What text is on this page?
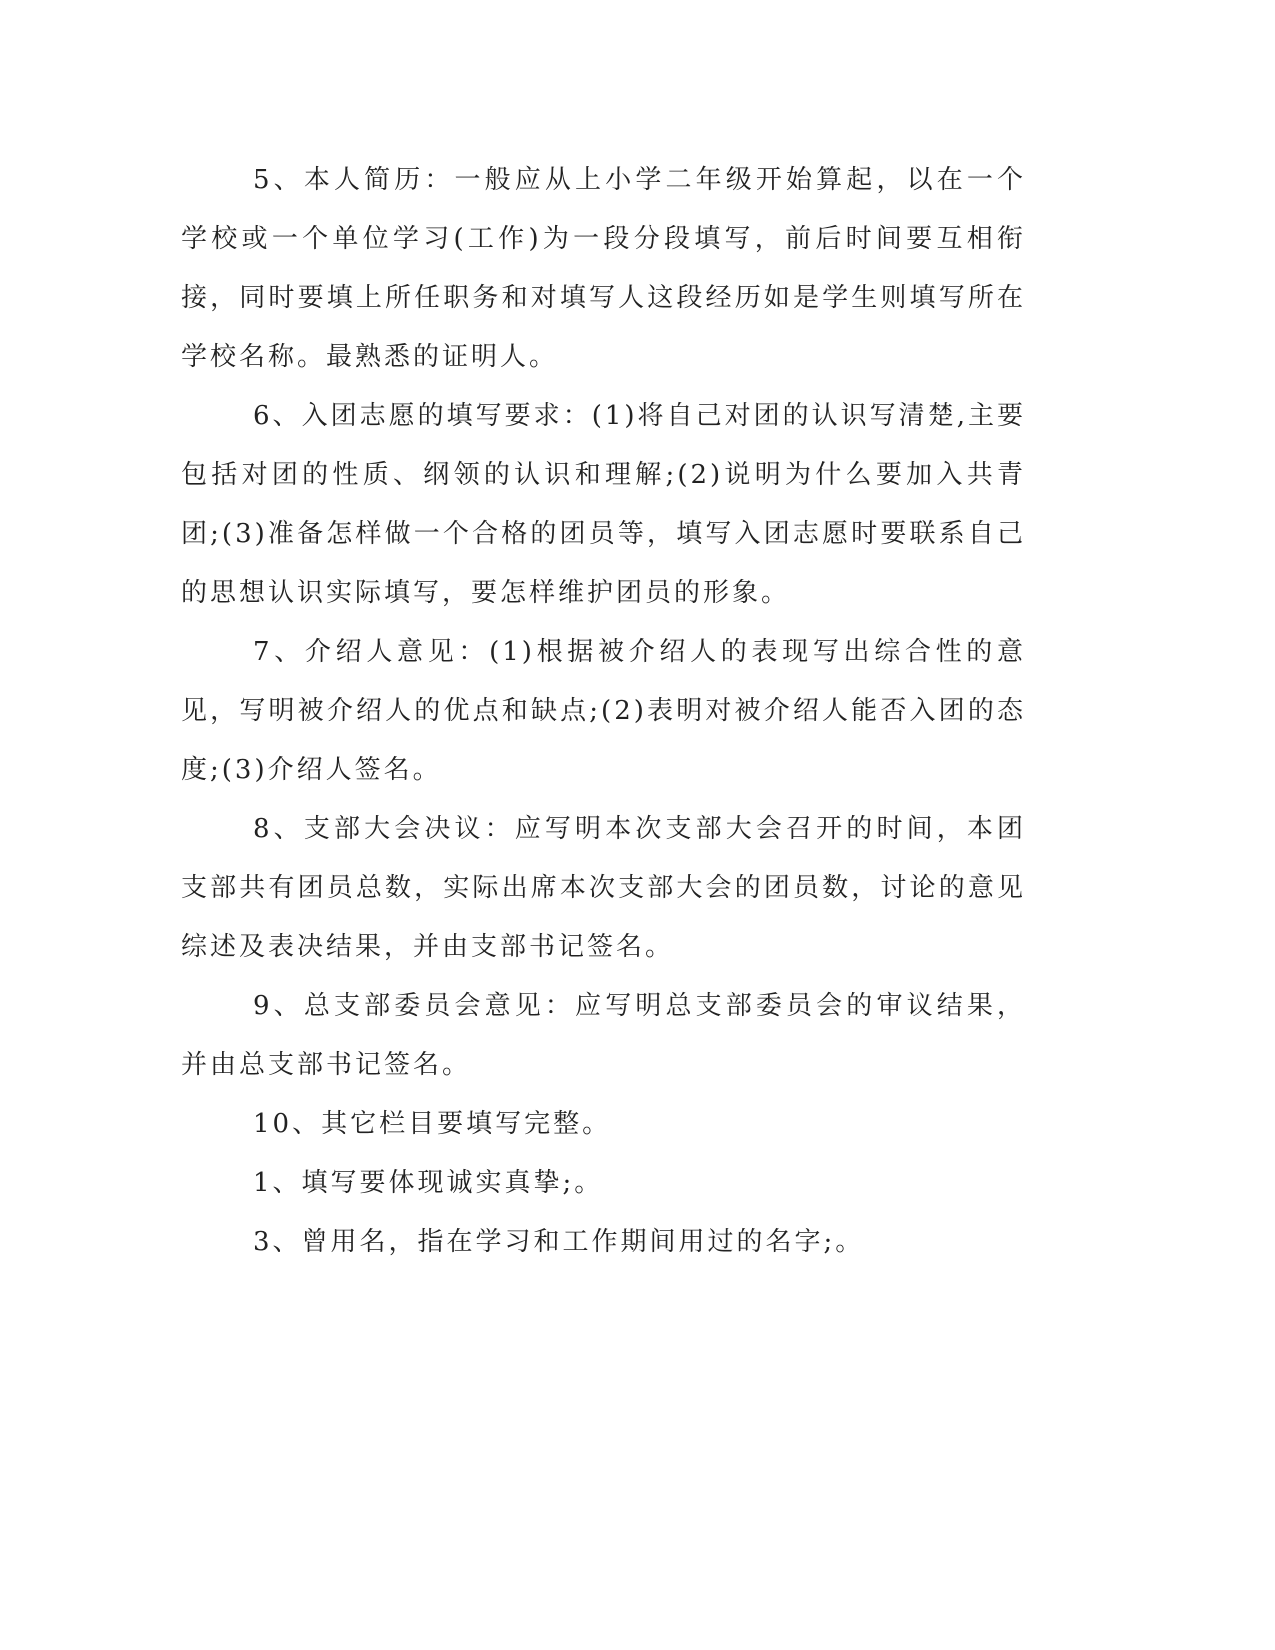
5、本人简历：一般应从上小学二年级开始算起，以在一个学校或一个单位学习(工作)为一段分段填写，前后时间要互相衔接，同时要填上所任职务和对填写人这段经历如是学生则填写所在学校名称。最熟悉的证明人。

6、入团志愿的填写要求：(1)将自己对团的认识写清楚,主要包括对团的性质、纲领的认识和理解;(2)说明为什么要加入共青团;(3)准备怎样做一个合格的团员等，填写入团志愿时要联系自己的思想认识实际填写，要怎样维护团员的形象。

7、介绍人意见：(1)根据被介绍人的表现写出综合性的意见，写明被介绍人的优点和缺点;(2)表明对被介绍人能否入团的态度;(3)介绍人签名。

8、支部大会决议：应写明本次支部大会召开的时间，本团支部共有团员总数，实际出席本次支部大会的团员数，讨论的意见综述及表决结果，并由支部书记签名。

9、总支部委员会意见：应写明总支部委员会的审议结果，并由总支部书记签名。

10、其它栏目要填写完整。

1、填写要体现诚实真挚;。

3、曾用名，指在学习和工作期间用过的名字;。
